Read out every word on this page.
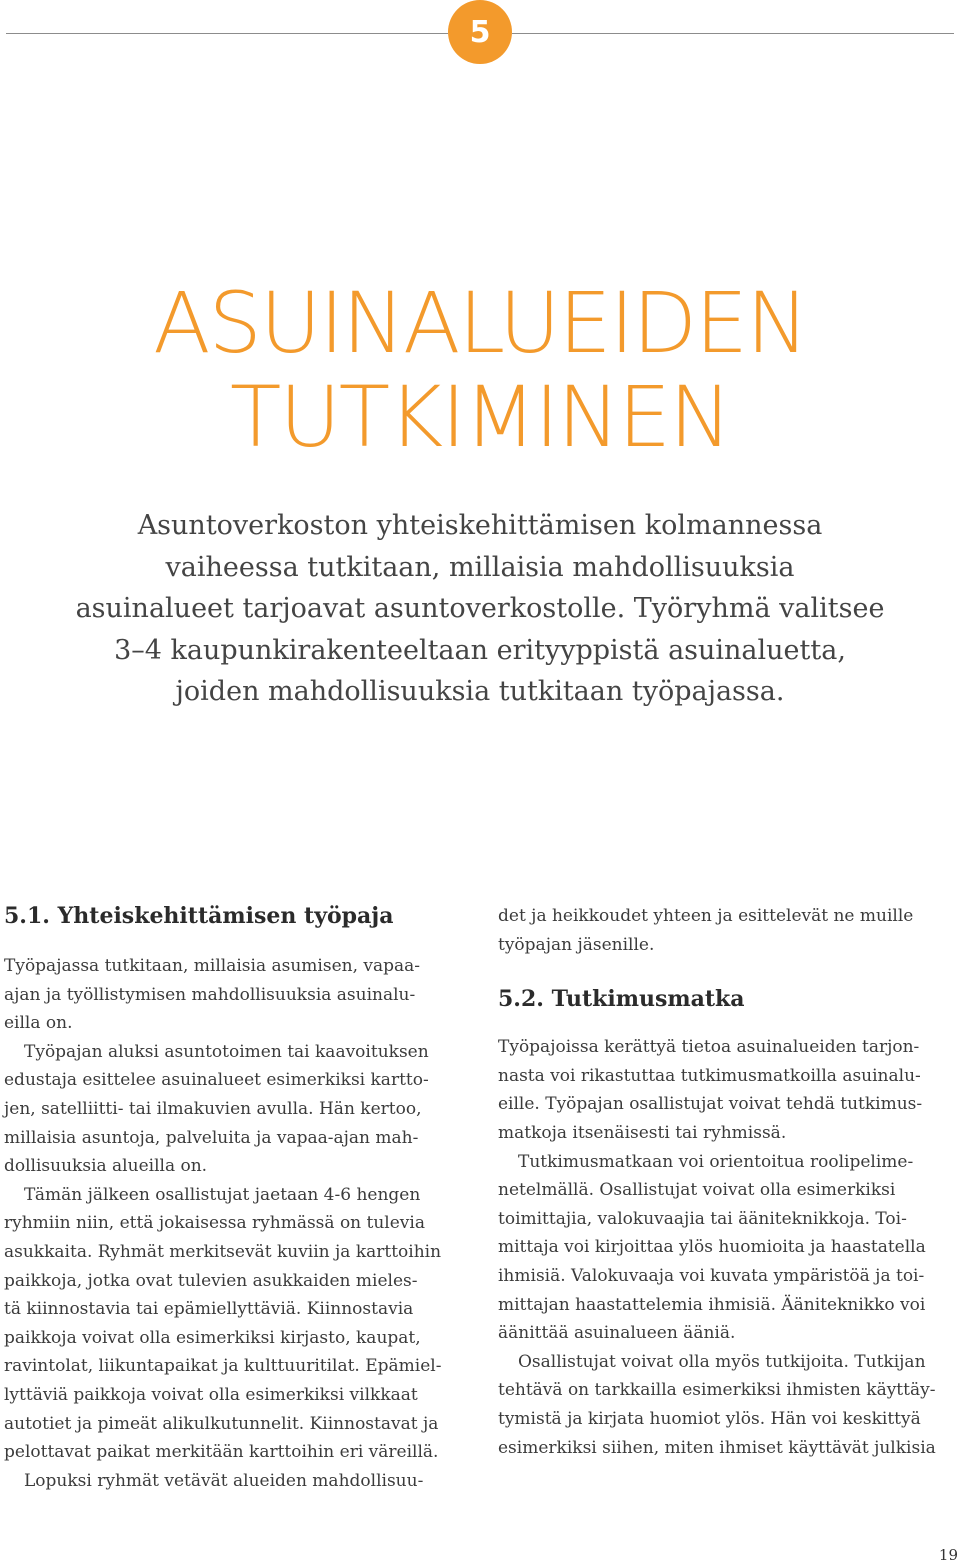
5
ASUINALUEIDEN
TUTKIMINEN
Asuntoverkoston yhteiskehittämisen kolmannessa
vaiheessa tutkitaan, millaisia mahdollisuuksia
asuinalueet tarjoavat asuntoverkostolle. Työryhmä valitsee
3–4 kaupunkirakenteeltaan erityyppistä asuinaluetta,
joiden mahdollisuuksia tutkitaan työpajassa.
5.1. Yhteiskehittämisen työpaja
Työpajassa tutkitaan, millaisia asumisen, vapaa-
ajan ja työllistymisen mahdollisuuksia asuinalu-
eilla on.
Työpajan aluksi asuntotoimen tai kaavoituksen
edustaja esittelee asuinalueet esimerkiksi kartto-
jen, satelliitti- tai ilmakuvien avulla. Hän kertoo,
millaisia asuntoja, palveluita ja vapaa-ajan mah-
dollisuuksia alueilla on.
Tämän jälkeen osallistujat jaetaan 4-6 hengen
ryhmiin niin, että jokaisessa ryhmässä on tulevia
asukkaita. Ryhmät merkitsevät kuviin ja karttoihin
paikkoja, jotka ovat tulevien asukkaiden mieles-
tä kiinnostavia tai epämiellyttäviä. Kiinnostavia
paikkoja voivat olla esimerkiksi kirjasto, kaupat,
ravintolat, liikuntapaikat ja kulttuuritilat. Epämiel-
lyttäviä paikkoja voivat olla esimerkiksi vilkkaat
autotiet ja pimeät alikulkutunnelit. Kiinnostavat ja
pelottavat paikat merkitään karttoihin eri väreillä.
Lopuksi ryhmät vetävät alueiden mahdollisuu-
det ja heikkoudet yhteen ja esittelevät ne muille
työpajan jäsenille.
5.2. Tutkimusmatka
Työpajoissa kerättyä tietoa asuinalueiden tarjon-
nasta voi rikastuttaa tutkimusmatkoilla asuinalu-
eille. Työpajan osallistujat voivat tehdä tutkimus-
matkoja itsenäisesti tai ryhmissä.
Tutkimusmatkaan voi orientoitua roolipelime-
netelmällä. Osallistujat voivat olla esimerkiksi
toimittajia, valokuvaajia tai ääniteknikkoja. Toi-
mittaja voi kirjoittaa ylös huomioita ja haastatella
ihmisiä. Valokuvaaja voi kuvata ympäristöä ja toi-
mittajan haastattelemia ihmisiä. Ääniteknikko voi
äänittää asuinalueen ääniä.
Osallistujat voivat olla myös tutkijoita. Tutkijan
tehtävä on tarkkailla esimerkiksi ihmisten käyttäy-
tymistä ja kirjata huomiot ylös. Hän voi keskittyä
esimerkiksi siihen, miten ihmiset käyttävät julkisia
19
